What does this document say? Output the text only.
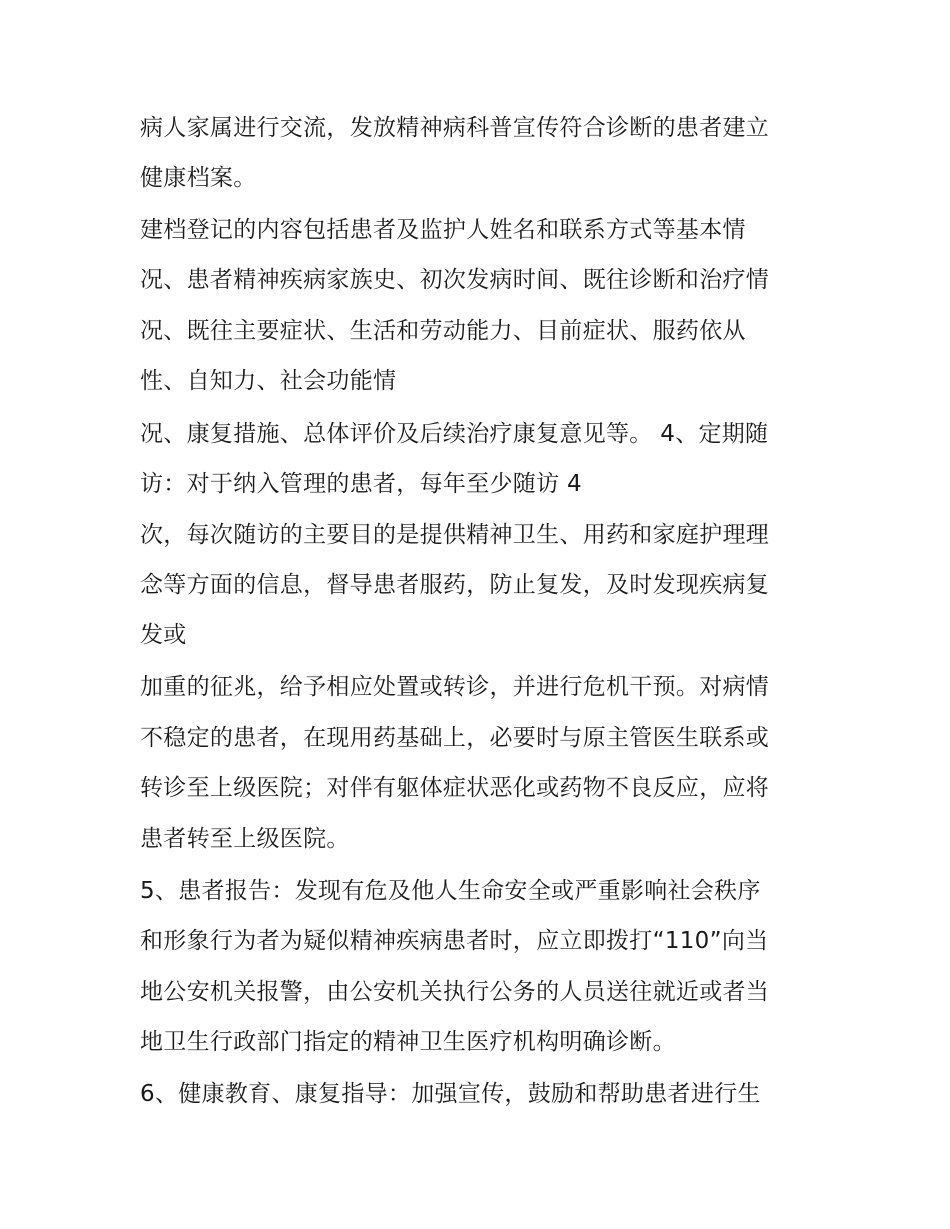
病人家属进行交流，发放精神病科普宣传符合诊断的患者建立
健康档案。
建档登记的内容包括患者及监护人姓名和联系方式等基本情
况、患者精神疾病家族史、初次发病时间、既往诊断和治疗情
况、既往主要症状、生活和劳动能力、目前症状、服药依从
性、自知力、社会功能情
况、康复措施、总体评价及后续治疗康复意见等。 4、定期随
访：对于纳入管理的患者，每年至少随访 4
次，每次随访的主要目的是提供精神卫生、用药和家庭护理理
念等方面的信息，督导患者服药，防止复发，及时发现疾病复
发或
加重的征兆，给予相应处置或转诊，并进行危机干预。对病情
不稳定的患者，在现用药基础上，必要时与原主管医生联系或
转诊至上级医院；对伴有躯体症状恶化或药物不良反应，应将
患者转至上级医院。
5、患者报告：发现有危及他人生命安全或严重影响社会秩序
和形象行为者为疑似精神疾病患者时，应立即拨打“110”向当
地公安机关报警，由公安机关执行公务的人员送往就近或者当
地卫生行政部门指定的精神卫生医疗机构明确诊断。
6、健康教育、康复指导：加强宣传，鼓励和帮助患者进行生
